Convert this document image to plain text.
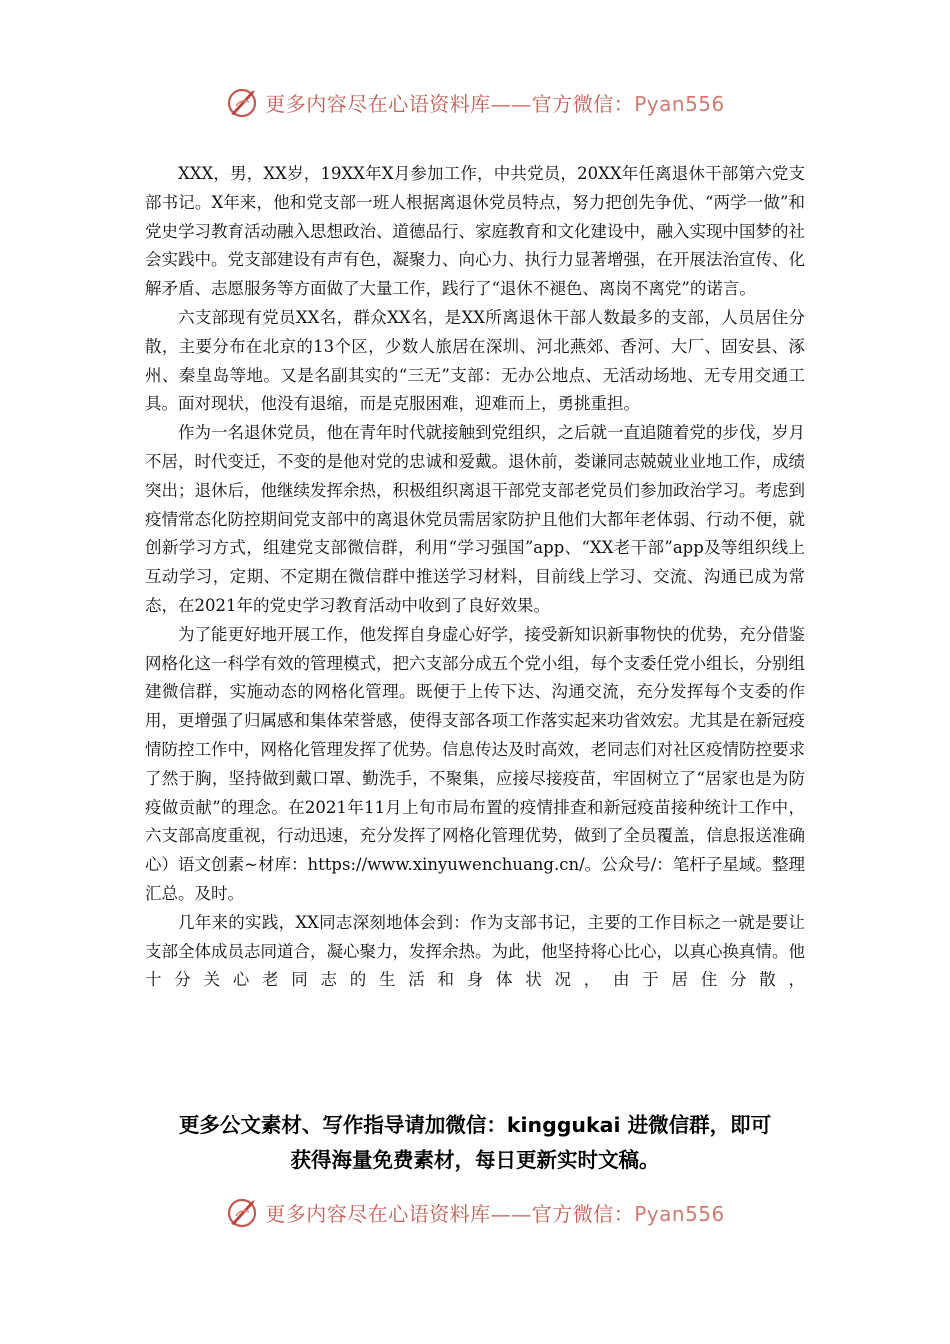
更多内容尽在心语资料库——官方微信：Pyan556

XXX，男，XX岁，19XX年X月参加工作，中共党员，20XX年任离退休干部第六党支部书记。X年来，他和党支部一班人根据离退休党员特点，努力把创先争优、“两学一做”和党史学习教育活动融入思想政治、道德品行、家庭教育和文化建设中，融入实现中国梦的社会实践中。党支部建设有声有色，凝聚力、向心力、执行力显著增强，在开展法治宣传、化解矛盾、志愿服务等方面做了大量工作，践行了“退休不褪色、离岗不离党”的诺言。

六支部现有党员XX名，群众XX名，是XX所离退休干部人数最多的支部，人员居住分散，主要分布在北京的13个区，少数人旅居在深圳、河北燕郊、香河、大厂、固安县、涿州、秦皇岛等地。又是名副其实的“三无”支部：无办公地点、无活动场地、无专用交通工具。面对现状，他没有退缩，而是克服困难，迎难而上，勇挑重担。

作为一名退休党员，他在青年时代就接触到党组织，之后就一直追随着党的步伐，岁月不居，时代变迁，不变的是他对党的忠诚和爱戴。退休前，娄谦同志兢兢业业地工作，成绩突出；退休后，他继续发挥余热，积极组织离退干部党支部老党员们参加政治学习。考虑到疫情常态化防控期间党支部中的离退休党员需居家防护且他们大都年老体弱、行动不便，就创新学习方式，组建党支部微信群，利用“学习强国”app、“XX老干部”app及等组织线上互动学习，定期、不定期在微信群中推送学习材料，目前线上学习、交流、沟通已成为常态，在2021年的党史学习教育活动中收到了良好效果。

为了能更好地开展工作，他发挥自身虚心好学，接受新知识新事物快的优势，充分借鉴网格化这一科学有效的管理模式，把六支部分成五个党小组，每个支委任党小组长，分别组建微信群，实施动态的网格化管理。既便于上传下达、沟通交流，充分发挥每个支委的作用，更增强了归属感和集体荣誉感，使得支部各项工作落实起来功省效宏。尤其是在新冠疫情防控工作中，网格化管理发挥了优势。信息传达及时高效，老同志们对社区疫情防控要求了然于胸，坚持做到戴口罩、勤洗手，不聚集，应接尽接疫苗，牢固树立了“居家也是为防疫做贡献”的理念。在2021年11月上旬市局布置的疫情排查和新冠疫苗接种统计工作中，六支部高度重视，行动迅速，充分发挥了网格化管理优势，做到了全员覆盖，信息报送准确心）语文创素~材库：https://www.xinyuwenchuang.cn/。公众号/：笔杆子星域。整理汇总。及时。

几年来的实践，XX同志深刻地体会到：作为支部书记，主要的工作目标之一就是要让支部全体成员志同道合，凝心聚力，发挥余热。为此，他坚持将心比心，以真心换真情。他十分关心老同志的生活和身体状况，由于居住分散，

更多公文素材、写作指导请加微信：kinggukai 进微信群，即可
获得海量免费素材，每日更新实时文稿。
更多内容尽在心语资料库——官方微信：Pyan556
